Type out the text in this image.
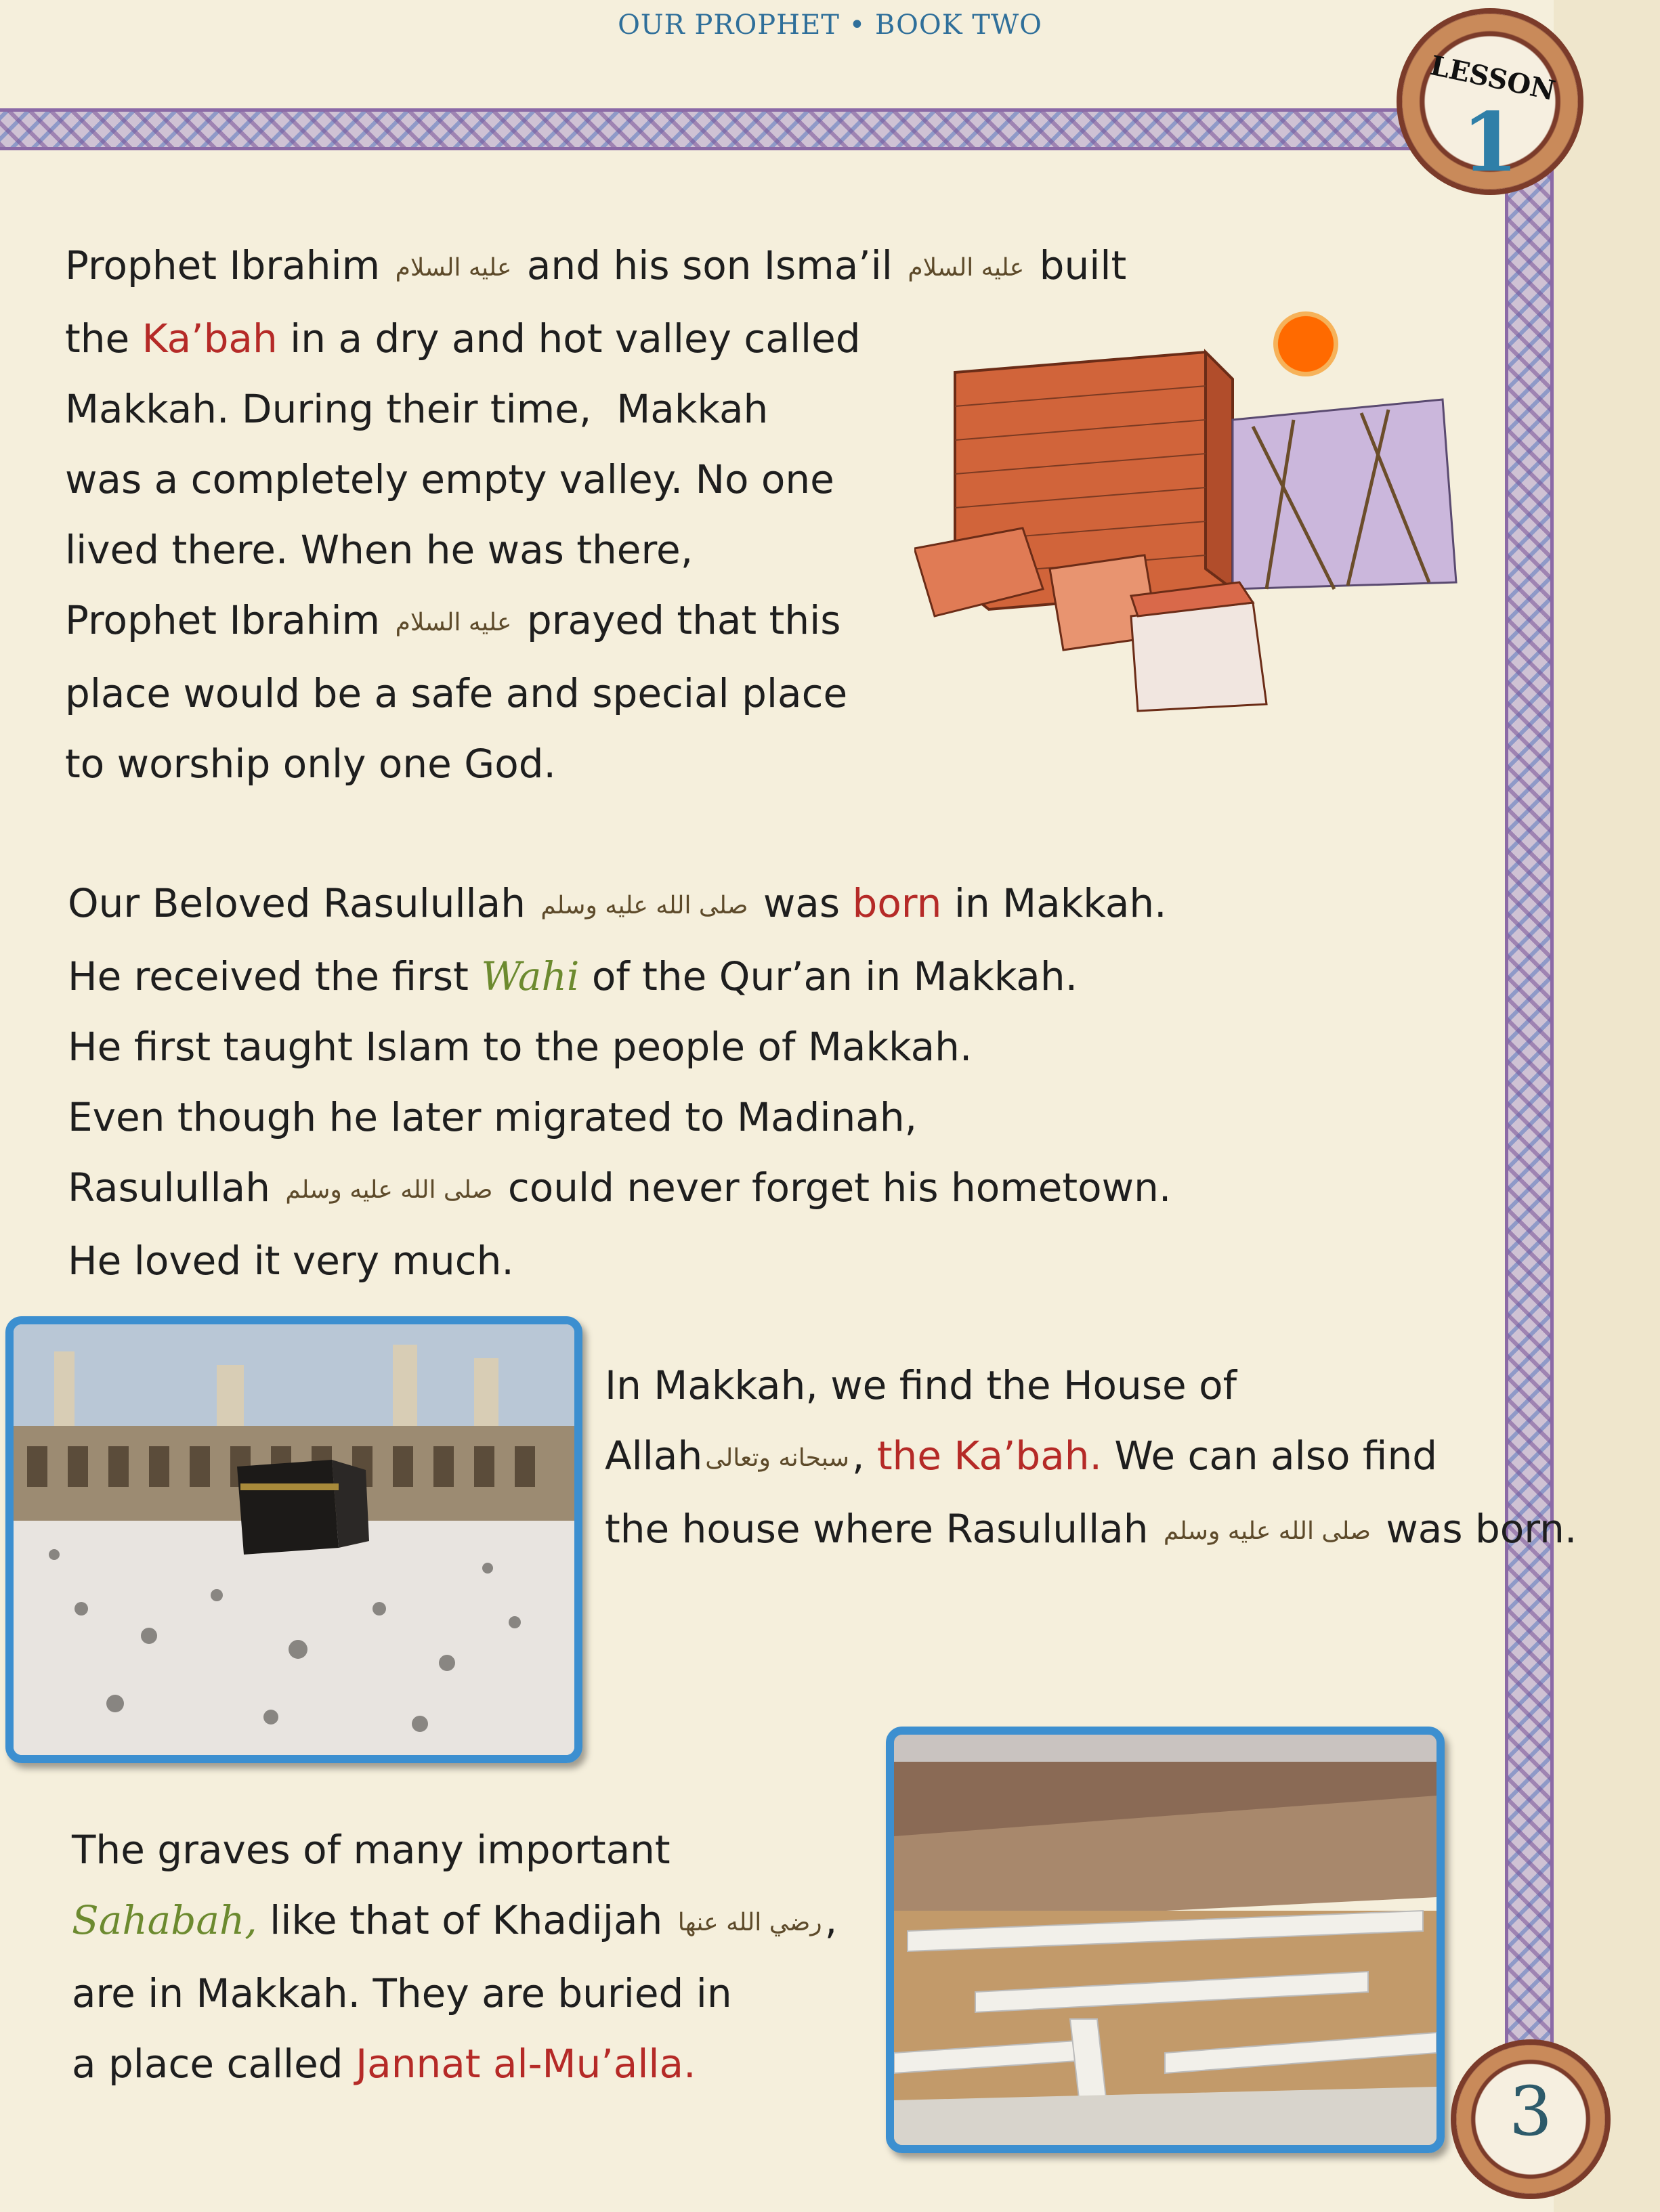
OUR PROPHET • BOOK TWO
LESSON
1
Prophet Ibrahim عليه السلام and his son Isma’il عليه السلام built
the Ka’bah in a dry and hot valley called
Makkah. During their time,  Makkah
was a completely empty valley. No one
lived there. When he was there,
Prophet Ibrahim عليه السلام prayed that this
place would be a safe and special place
to worship only one God.
Our Beloved Rasulullah صلى الله عليه وسلم was born in Makkah.
He received the first Wahi of the Qur’an in Makkah.
He first taught Islam to the people of Makkah.
Even though he later migrated to Madinah,
Rasulullah صلى الله عليه وسلم could never forget his hometown.
He loved it very much.
In Makkah, we find the House of
Allah سبحانه وتعالى, the Ka’bah. We can also find
the house where Rasulullah صلى الله عليه وسلم was born.
The graves of many important
Sahabah, like that of Khadijah رضي الله عنها,
are in Makkah. They are buried in
a place called Jannat al-Mu’alla.
3
